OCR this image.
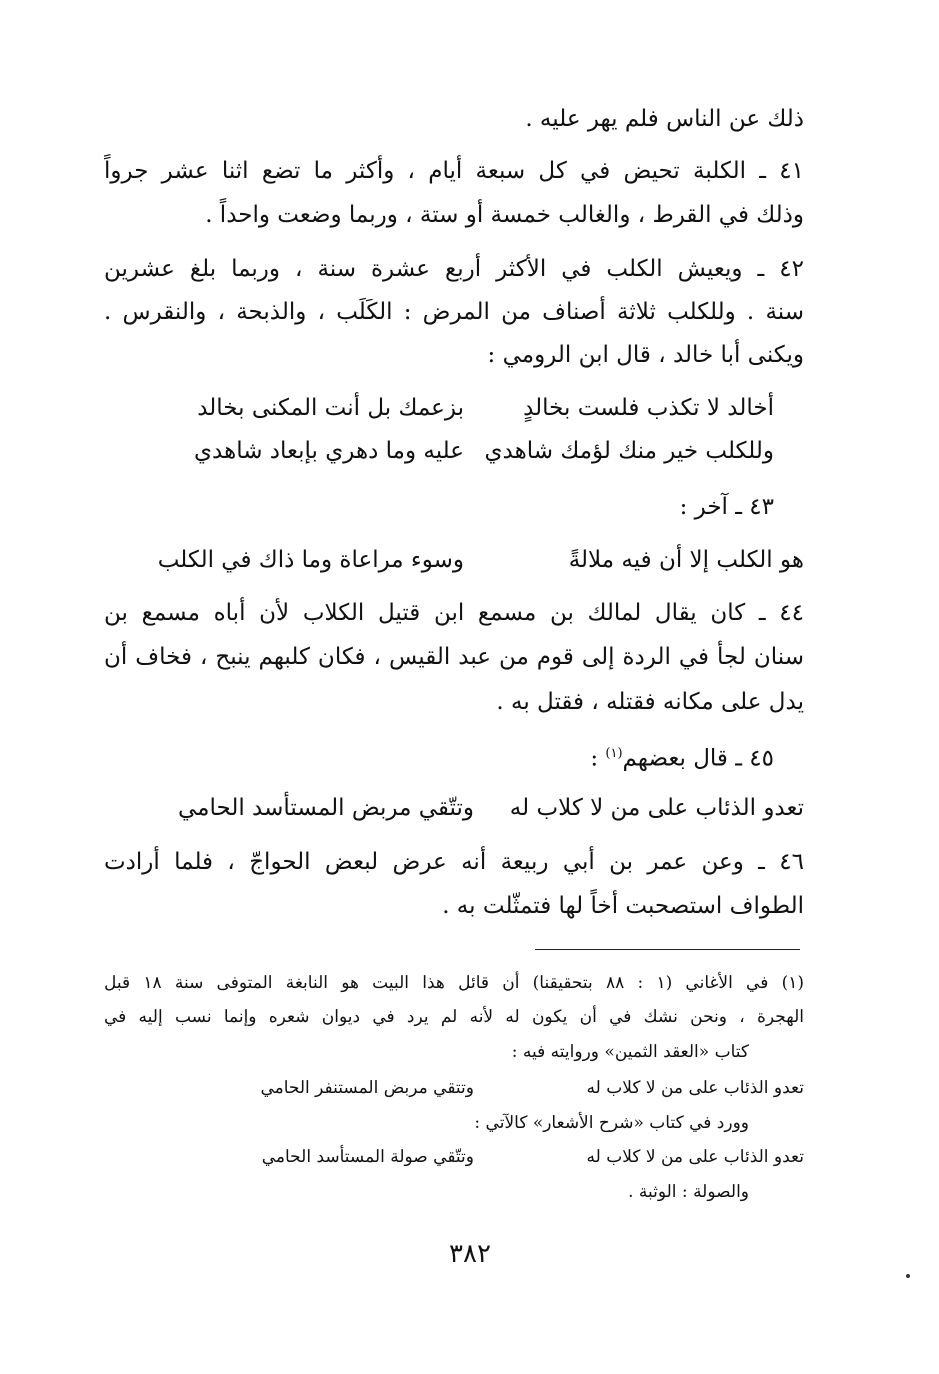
ذلك عن الناس فلم يهر عليه .
٤١ ـ الكلبة تحيض في كل سبعة أيام ، وأكثر ما تضع اثنا عشر جرواً
وذلك في القرط ، والغالب خمسة أو ستة ، وربما وضعت واحداً .
٤٢ ـ ويعيش الكلب في الأكثر أربع عشرة سنة ، وربما بلغ عشرين
سنة . وللكلب ثلاثة أصناف من المرض : الكَلَب ، والذبحة ، والنقرس .
ويكنى أبا خالد ، قال ابن الرومي :
أخالد لا تكذب فلست بخالدٍ
بزعمك بل أنت المكنى بخالد
وللكلب خير منك لؤمك شاهدي
عليه وما دهري بإبعاد شاهدي
٤٣ ـ آخر :
هو الكلب إلا أن فيه ملالةً
وسوء مراعاة وما ذاك في الكلب
٤٤ ـ كان يقال لمالك بن مسمع ابن قتيل الكلاب لأن أباه مسمع بن
سنان لجأ في الردة إلى قوم من عبد القيس ، فكان كلبهم ينبح ، فخاف أن
يدل على مكانه فقتله ، فقتل به .
٤٥ ـ قال بعضهم$^{(١)}$ :
تعدو الذئاب على من لا كلاب له
وتتّقي مربض المستأسد الحامي
٤٦ ـ وعن عمر بن أبي ربيعة أنه عرض لبعض الحواجّ ، فلما أرادت
الطواف استصحبت أخاً لها فتمثّلت به .
(١) في الأغاني (١ : ٨٨ بتحقيقنا) أن قائل هذا البيت هو النابغة المتوفى سنة ١٨ قبل
الهجرة ، ونحن نشك في أن يكون له لأنه لم يرد في ديوان شعره وإنما نسب إليه في
كتاب «العقد الثمين» وروايته فيه :
تعدو الذئاب على من لا كلاب له
وتتقي مربض المستنفر الحامي
وورد في كتاب «شرح الأشعار» كالآتي :
تعدو الذئاب على من لا كلاب له
وتتّقي صولة المستأسد الحامي
والصولة : الوثبة .
٣٨٢
